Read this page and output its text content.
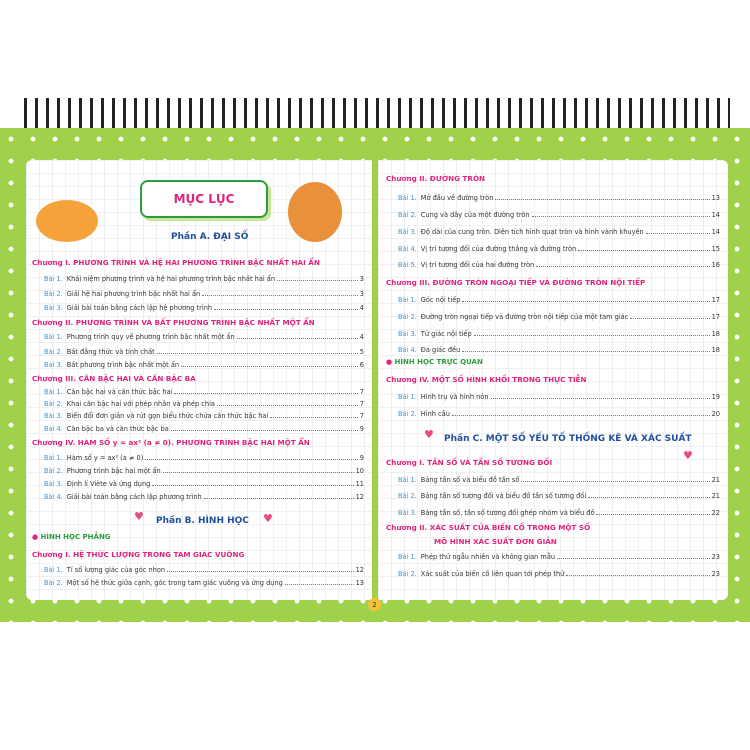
MỤC LỤC
Phần A. ĐẠI SỐ
♥	♥
Phần B. HÌNH HỌC
● HÌNH HỌC PHẲNG
Chương I. PHƯƠNG TRÌNH VÀ HỆ HAI PHƯƠNG TRÌNH BẬC NHẤT HAI ẨN
Bài 1. Khái niệm phương trình và hệ hai phương trình bậc nhất hai ẩn	3
Bài 2. Giải hệ hai phương trình bậc nhất hai ẩn	3
Bài 3. Giải bài toán bằng cách lập hệ phương trình	4
Chương II. PHƯƠNG TRÌNH VÀ BẤT PHƯƠNG TRÌNH BẬC NHẤT MỘT ẨN
Bài 1. Phương trình quy về phương trình bậc nhất một ẩn	4
Bài 2. Bất đẳng thức và tính chất	5
Bài 3. Bất phương trình bậc nhất một ẩn	6
Chương III. CĂN BẬC HAI VÀ CĂN BẬC BA
Bài 1. Căn bậc hai và căn thức bậc hai	7
Bài 2. Khai căn bậc hai với phép nhân và phép chia	7
Bài 3. Biến đổi đơn giản và rút gọn biểu thức chứa căn thức bậc hai	7
Bài 4. Căn bậc ba và căn thức bậc ba	9
Chương IV. HÀM SỐ y = ax² (a ≠ 0). PHƯƠNG TRÌNH BẬC HAI MỘT ẨN
Bài 1. Hàm số y = ax² (a ≠ 0)	9
Bài 2. Phương trình bậc hai một ẩn	10
Bài 3. Định lí Viète và ứng dụng	11
Bài 4. Giải bài toán bằng cách lập phương trình	12
Chương I. HỆ THỨC LƯỢNG TRONG TAM GIÁC VUÔNG
Bài 1. Tỉ số lượng giác của góc nhọn	12
Bài 2. Một số hệ thức giữa cạnh, góc trong tam giác vuông và ứng dụng	13
● HÌNH HỌC TRỰC QUAN
♥
♥
Phần C. MỘT SỐ YẾU TỐ THỐNG KÊ VÀ XÁC SUẤT
Chương II. ĐƯỜNG TRÒN
Bài 1. Mở đầu về đường tròn	13
Bài 2. Cung và dây của một đường tròn	14
Bài 3. Độ dài của cung tròn. Diện tích hình quạt tròn và hình vành khuyên	14
Bài 4. Vị trí tương đối của đường thẳng và đường tròn	15
Bài 5. Vị trí tương đối của hai đường tròn	16
Chương III. ĐƯỜNG TRÒN NGOẠI TIẾP VÀ ĐƯỜNG TRÒN NỘI TIẾP
Bài 1. Góc nội tiếp	17
Bài 2. Đường tròn ngoại tiếp và đường tròn nội tiếp của một tam giác	17
Bài 3. Tứ giác nội tiếp	18
Bài 4. Đa giác đều	18
Chương IV. MỘT SỐ HÌNH KHỐI TRONG THỰC TIỄN
Bài 1. Hình trụ và hình nón	19
Bài 2. Hình cầu	20
Chương I. TẦN SỐ VÀ TẦN SỐ TƯƠNG ĐỐI
Bài 1. Bảng tần số và biểu đồ tần số	21
Bài 2. Bảng tần số tương đối và biểu đồ tần số tương đối	21
Bài 3. Bảng tần số, tần số tương đối ghép nhóm và biểu đồ	22
Chương II. XÁC SUẤT CỦA BIẾN CỐ TRONG MỘT SỐ
MÔ HÌNH XÁC SUẤT ĐƠN GIẢN
Bài 1. Phép thử ngẫu nhiên và không gian mẫu	23
Bài 2. Xác suất của biến cố liên quan tới phép thử	23
2
